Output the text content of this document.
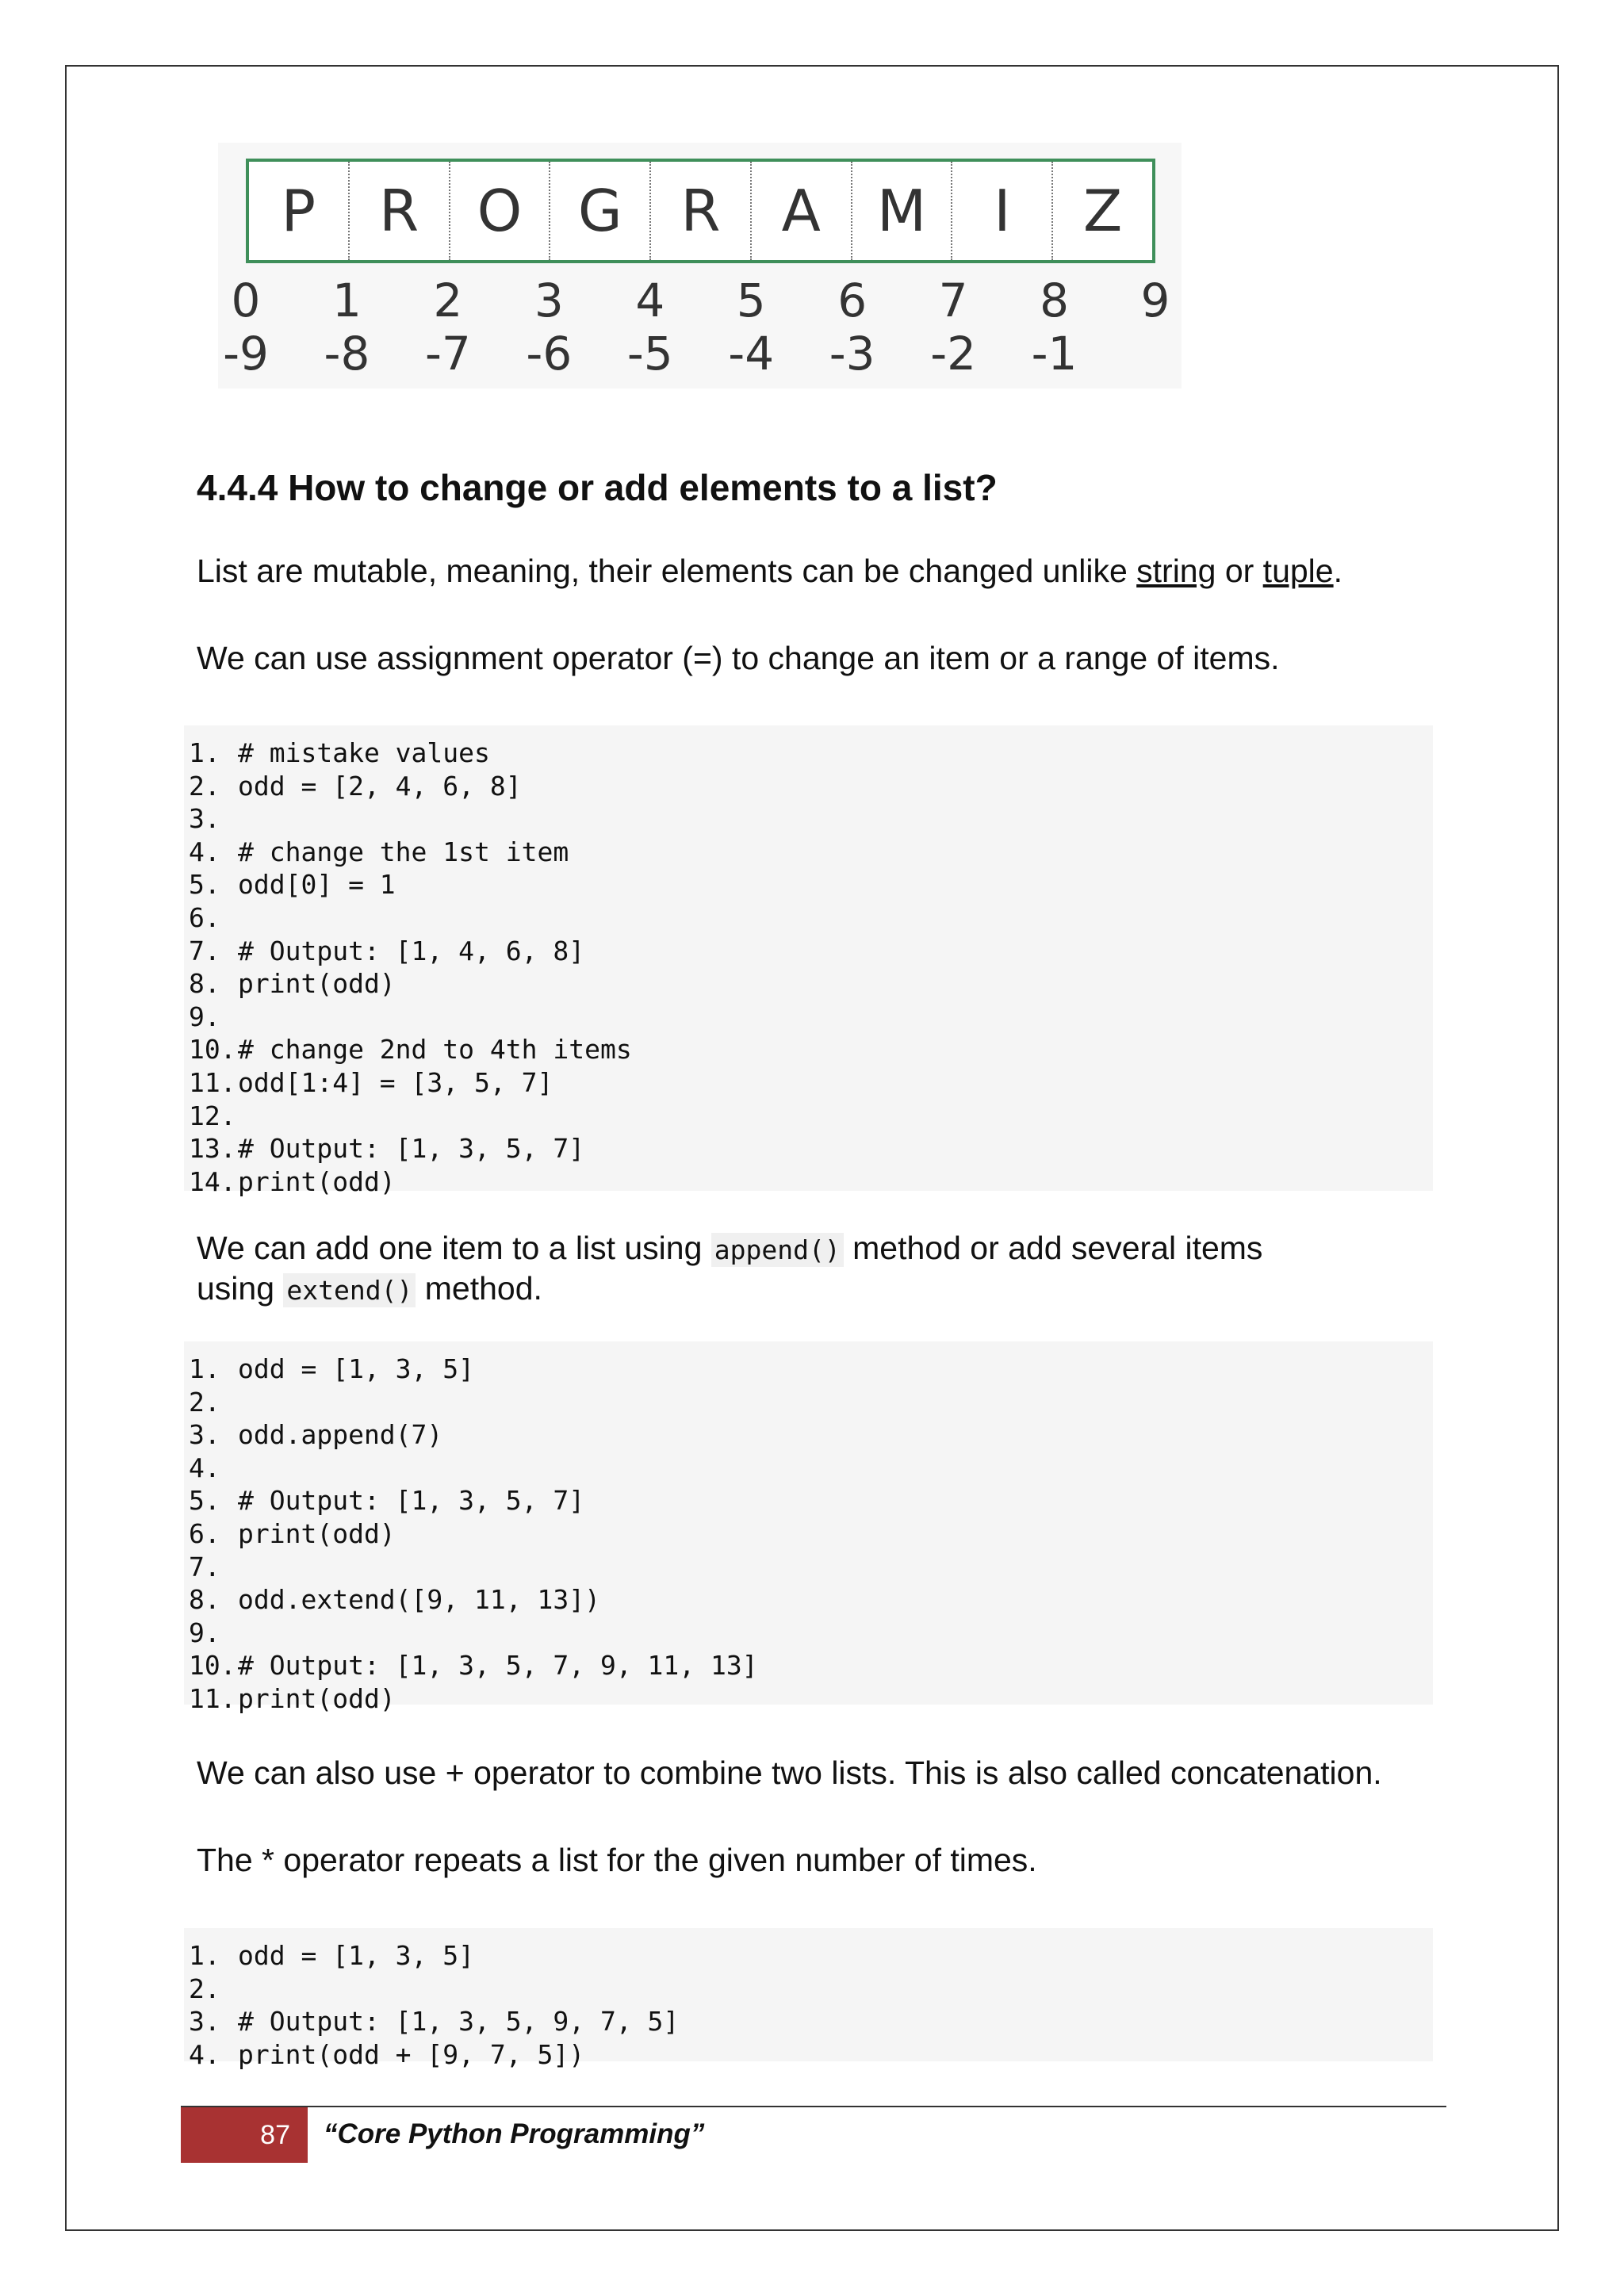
P	R	O G	R	A M	I	Z
0 1 2 3 4 5 6 7 8 9
-9 -8 -7 -6 -5 -4 -3 -2 -1
4.4.4 How to change or add elements to a list?

List are mutable, meaning, their elements can be changed unlike string or tuple.

We can use assignment operator (=) to change an item or a range of items.

1. # mistake values
2. odd = [2, 4, 6, 8]
3.
4. # change the 1st item
5. odd[0] = 1
6.
7. # Output: [1, 4, 6, 8]
8. print(odd)
9.
10. # change 2nd to 4th items
11. odd[1:4] = [3, 5, 7]
12.
13. # Output: [1, 3, 5, 7]
14. print(odd)

We can add one item to a list using append() method or add several items
using extend() method.

1. odd = [1, 3, 5]
2.
3. odd.append(7)
4.
5. # Output: [1, 3, 5, 7]
6. print(odd)
7.
8. odd.extend([9, 11, 13])
9.
10. # Output: [1, 3, 5, 7, 9, 11, 13]
11. print(odd)

We can also use + operator to combine two lists. This is also called concatenation.

The * operator repeats a list for the given number of times.

1. odd = [1, 3, 5]
2.
3. # Output: [1, 3, 5, 9, 7, 5]
4. print(odd + [9, 7, 5])
87	“Core Python Programming”
